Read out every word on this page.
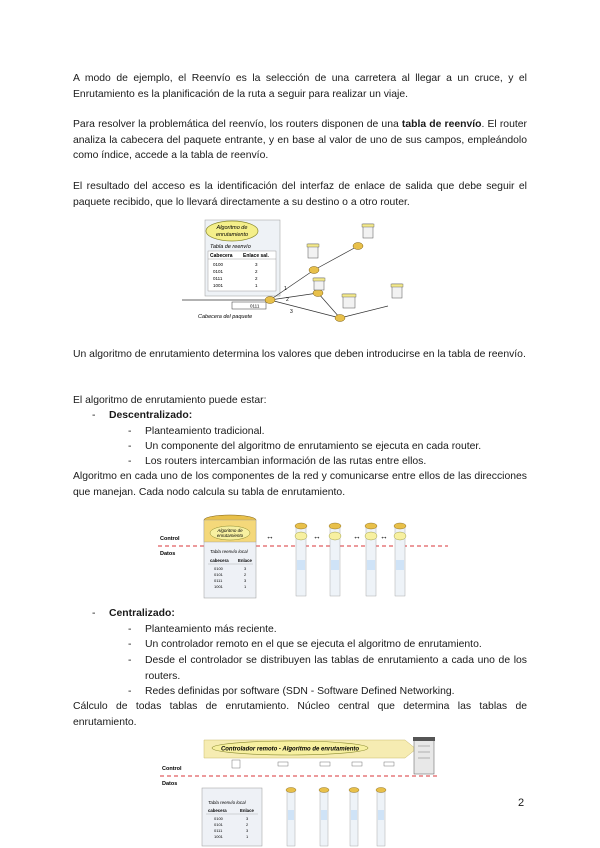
A modo de ejemplo, el Reenvío es la selección de una carretera al llegar a un cruce, y el Enrutamiento es la planificación de la ruta a seguir para realizar un viaje.

Para resolver la problemática del reenvío, los routers disponen de una tabla de reenvío. El router analiza la cabecera del paquete entrante, y en base al valor de uno de sus campos, empleándolo como índice, accede a la tabla de reenvío.

El resultado del acceso es la identificación del interfaz de enlace de salida que debe seguir el paquete recibido, que lo llevará directamente a su destino o a otro router.

Algoritmo de
enrutamiento
Tabla de reenvío
Cabecera Enlace sal.
0100	3
0101	2
0111	2
1001	1
0111
Cabecera del paquete
1
2
3

Un algoritmo de enrutamiento determina los valores que deben introducirse en la tabla de reenvío.

El algoritmo de enrutamiento puede estar:

- Descentralizado:
- Planteamiento tradicional.
- Un componente del algoritmo de enrutamiento se ejecuta en cada router.
- Los routers intercambian información de las rutas entre ellos.

Algoritmo en cada uno de los componentes de la red y comunicarse entre ellos de las direcciones que manejan. Cada nodo calcula su tabla de enrutamiento.

Control
Datos
Algoritmo de
enrutamiento
Tabla reenvío local
cabecera Enlace
0100	3
0101	2
0111	3
1001	1
↔	↔	↔ ↔
- Centralizado:
- Planteamiento más reciente.
- Un controlador remoto en el que se ejecuta el algoritmo de enrutamiento.
- Desde el controlador se distribuyen las tablas de enrutamiento a cada uno de los routers.
- Redes definidas por software (SDN - Software Defined Networking.

Cálculo de todas tablas de enrutamiento. Núcleo central que determina las tablas de enrutamiento.

Controlador remoto - Algoritmo de enrutamiento
Control
Datos
Tabla reenvío local
cabecera	Enlace
0100	3
0101	2
0111	3
1001	1
2
